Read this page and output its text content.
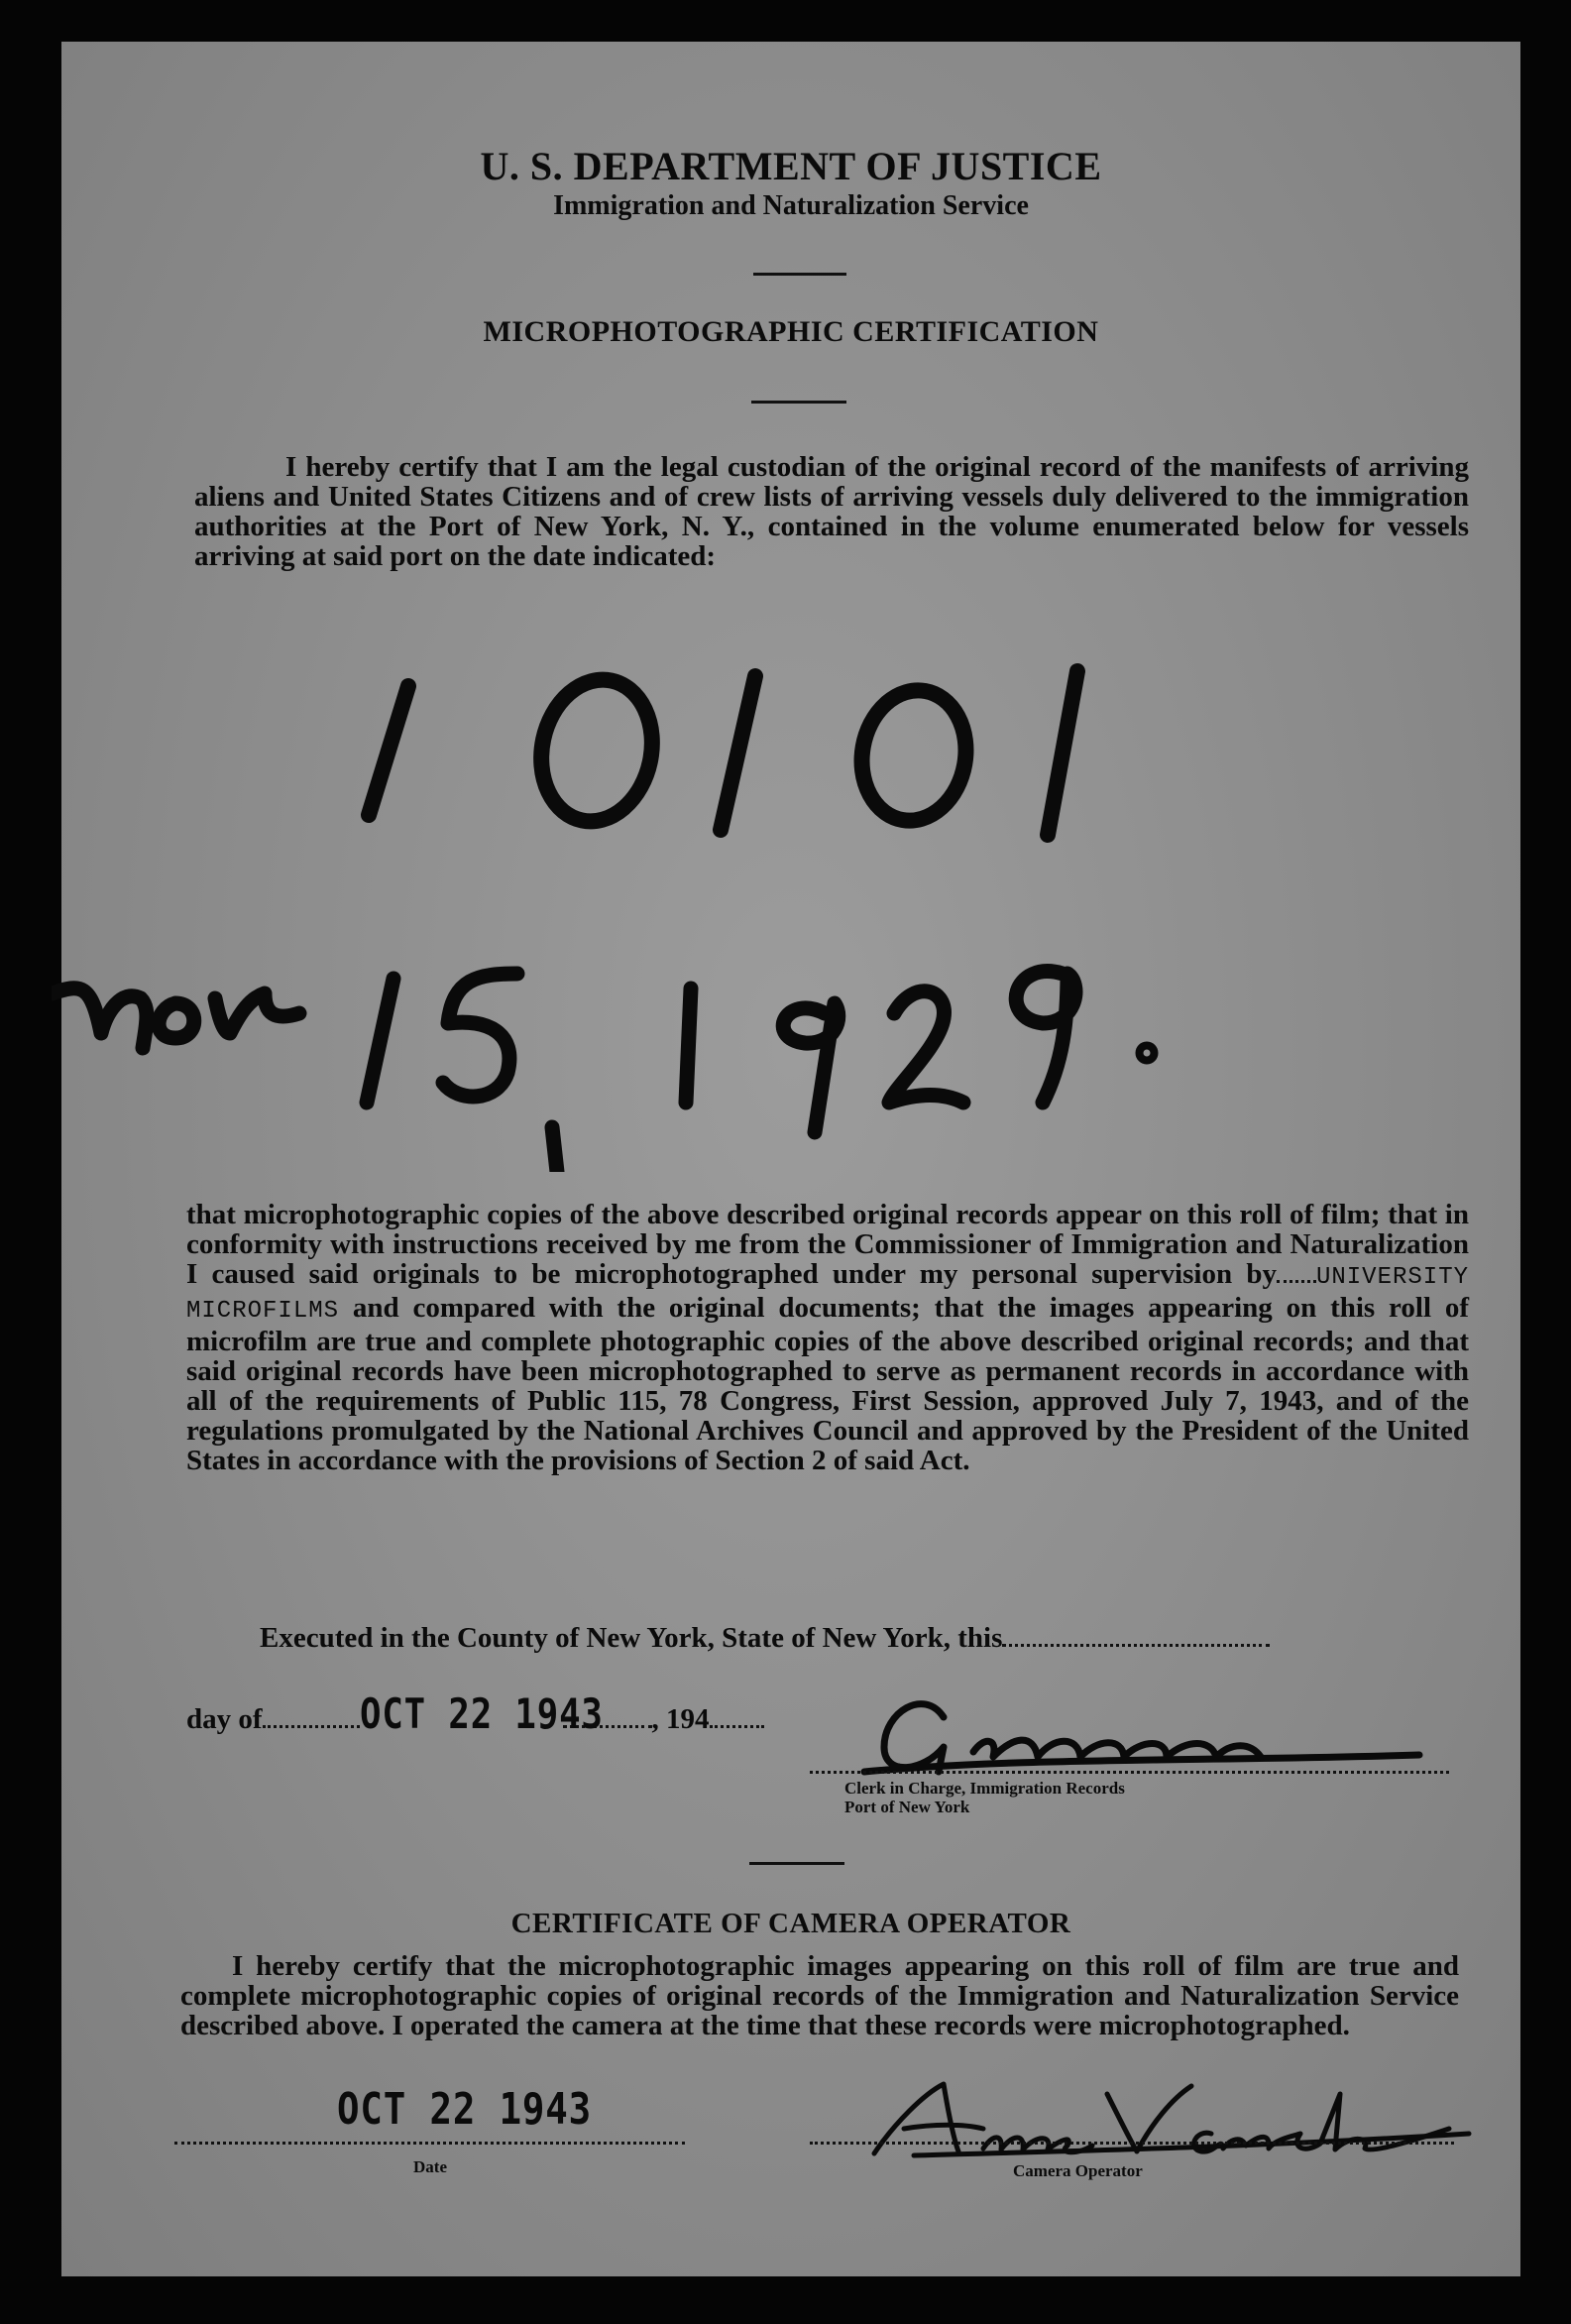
U. S. DEPARTMENT OF JUSTICE
Immigration and Naturalization Service
MICROPHOTOGRAPHIC CERTIFICATION
I hereby certify that I am the legal custodian of the original record of the manifests of arriving aliens and United States Citizens and of crew lists of arriving vessels duly delivered to the immigration authorities at the Port of New York, N. Y., contained in the volume enumerated below for vessels arriving at said port on the date indicated:
that microphotographic copies of the above described original records appear on this roll of film; that in conformity with instructions received by me from the Commissioner of Immigration and Naturalization I caused said originals to be microphotographed under my personal supervision by UNIVERSITY MICROFILMS and compared with the original documents; that the images appearing on this roll of microfilm are true and complete photographic copies of the above described original records; and that said original records have been microphotographed to serve as permanent records in accordance with all of the requirements of Public 115, 78 Congress, First Session, approved July 7, 1943, and of the regulations promulgated by the National Archives Council and approved by the President of the United States in accordance with the provisions of Section 2 of said Act.
Executed in the County of New York, State of New York, this
day of OCT 22 1943 , 194
Clerk in Charge, Immigration Records
Port of New York
CERTIFICATE OF CAMERA OPERATOR
I hereby certify that the microphotographic images appearing on this roll of film are true and complete microphotographic copies of original records of the Immigration and Naturalization Service described above. I operated the camera at the time that these records were microphotographed.
OCT 22 1943
Date	Camera Operator
